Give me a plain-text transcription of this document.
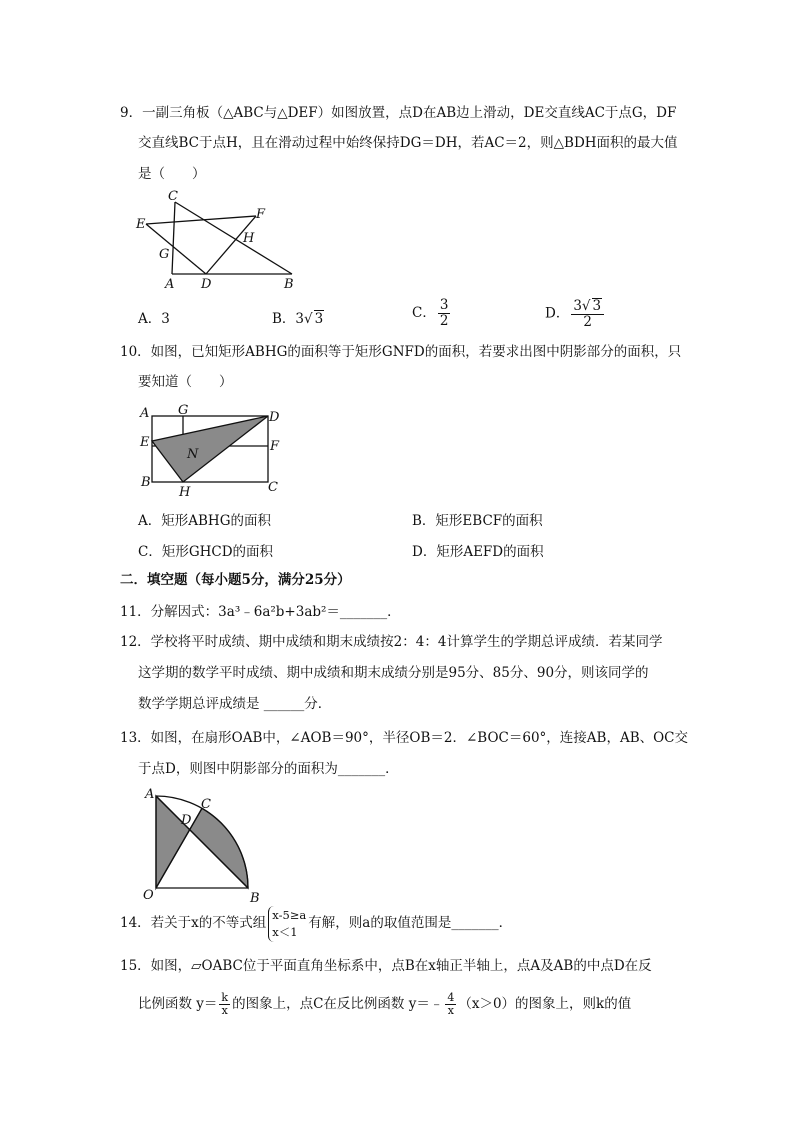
9．一副三角板（△ABC与△DEF）如图放置，点D在AB边上滑动，DE交直线AC于点G，DF
交直线BC于点H，且在滑动过程中始终保持DG＝DH，若AC＝2，则△BDH面积的最大值
是（　　）
C
E
F
H
G
A D	B
A．3	B．3√ 3	C． $\frac{3}{2}$	D． $\frac{3√ 3}{2}$
10．如图，已知矩形ABHG的面积等于矩形GNFD的面积，若要求出图中阴影部分的面积，只
要知道（　　）
A G	D
E	F
N
B
H	C
A．矩形ABHG的面积	B．矩形EBCF的面积
C．矩形GHCD的面积	D．矩形AEFD的面积
二．填空题（每小题5分，满分25分）
11．分解因式：3a³﹣6a²b+3ab²＝_______．
12．学校将平时成绩、期中成绩和期末成绩按2：4：4计算学生的学期总评成绩．若某同学
这学期的数学平时成绩、期中成绩和期末成绩分别是95分、85分、90分，则该同学的
数学学期总评成绩是 ______分．
13．如图，在扇形OAB中，∠AOB＝90°，半径OB＝2．∠BOC＝60°，连接AB，AB、OC交
于点D，则图中阴影部分的面积为_______．
A
C
D
O	B
14．若关于x的不等式组 x-5≥a
x＜1有解，则a的取值范围是_______．
15．如图，▱OABC位于平面直角坐标系中，点B在x轴正半轴上，点A及AB的中点D在反
比例函数 $y= \frac{k}{x}$ 的图象上，点C在反比例函数 y＝﹣ $\frac{4}{x} (x>0)$的图象上，则k的值
